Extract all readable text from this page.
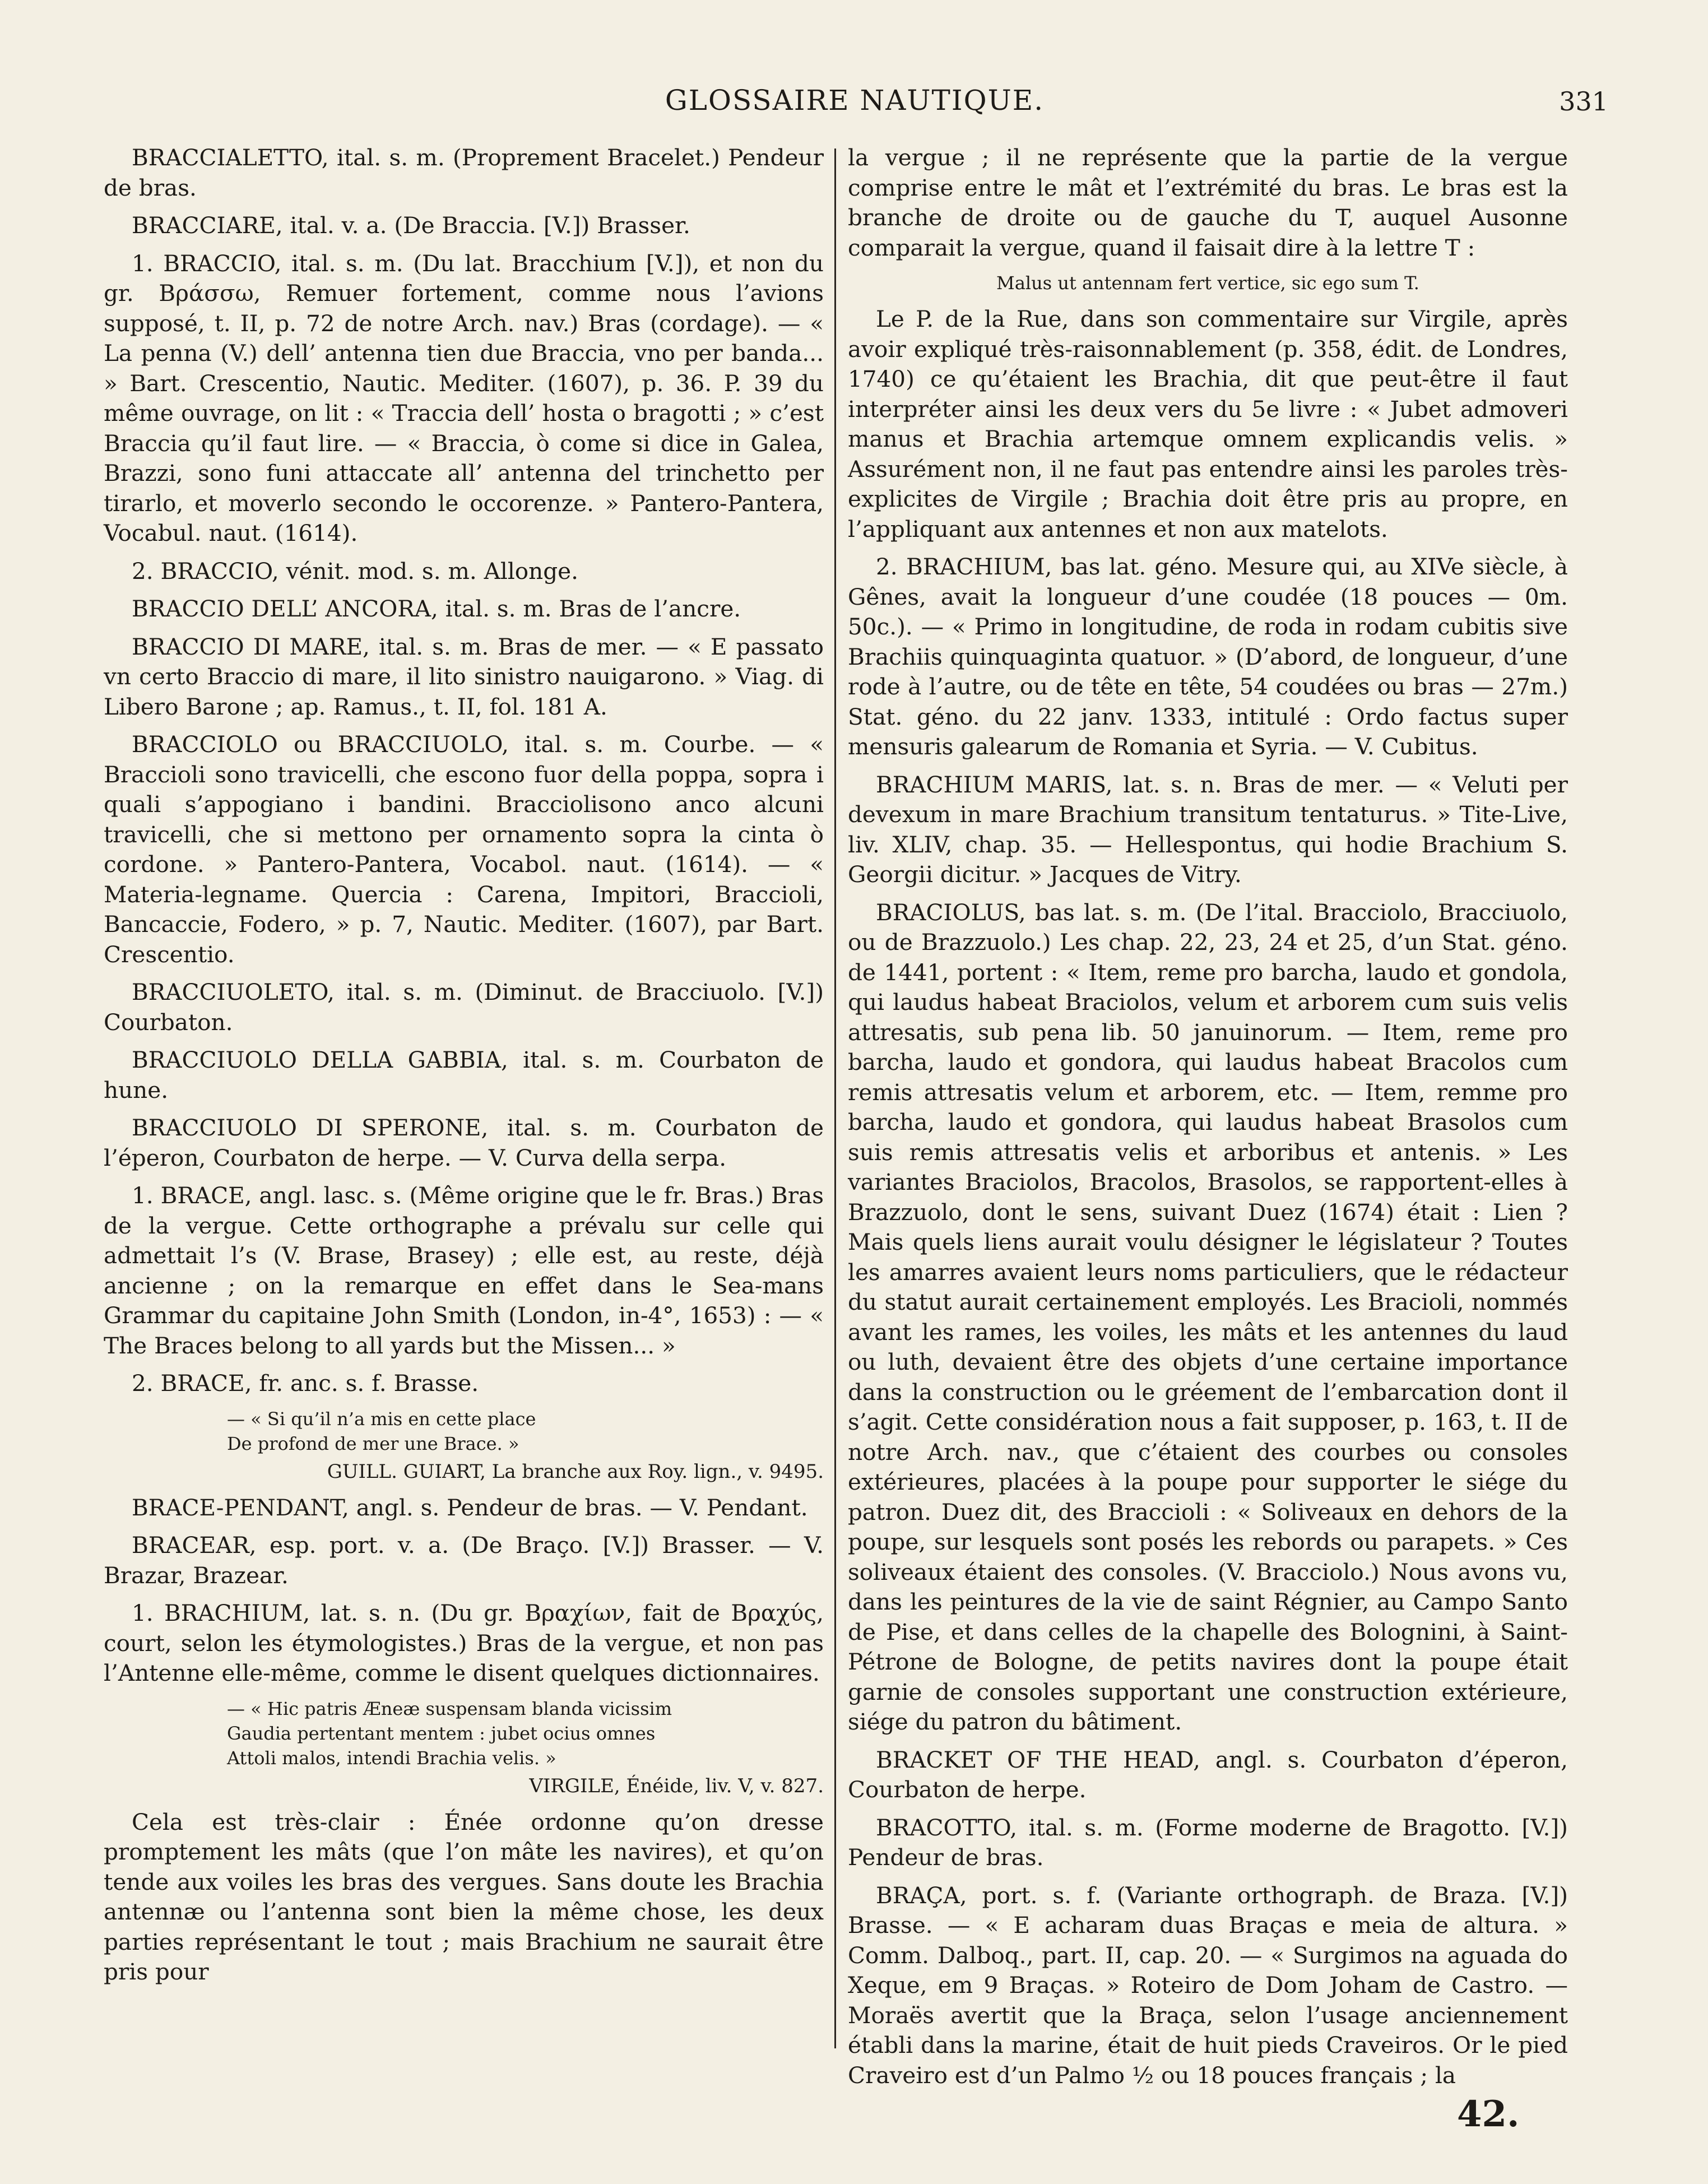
GLOSSAIRE NAUTIQUE.	331

BRACCIALETTO, ital. s. m. (Proprement Bracelet.) Pendeur de bras.

BRACCIARE, ital. v. a. (De Braccia. [V.]) Brasser.

1. BRACCIO, ital. s. m. (Du lat. Bracchium [V.]), et non du gr. Βράσσω, Remuer fortement, comme nous l’avions supposé, t. II, p. 72 de notre Arch. nav.) Bras (cordage). — « La penna (V.) dell’ antenna tien due Braccia, vno per banda... » Bart. Crescentio, Nautic. Mediter. (1607), p. 36. P. 39 du même ouvrage, on lit : « Traccia dell’ hosta o bragotti ; » c’est Braccia qu’il faut lire. — « Braccia, ò come si dice in Galea, Brazzi, sono funi attaccate all’ antenna del trinchetto per tirarlo, et moverlo secondo le occorenze. » Pantero-Pantera, Vocabul. naut. (1614).

2. BRACCIO, vénit. mod. s. m. Allonge.

BRACCIO DELL’ ANCORA, ital. s. m. Bras de l’ancre.

BRACCIO DI MARE, ital. s. m. Bras de mer. — « E passato vn certo Braccio di mare, il lito sinistro nauigarono. » Viag. di Libero Barone ; ap. Ramus., t. II, fol. 181 A.

BRACCIOLO ou BRACCIUOLO, ital. s. m. Courbe. — « Braccioli sono travicelli, che escono fuor della poppa, sopra i quali s’appogiano i bandini. Bracciolisono anco alcuni travicelli, che si mettono per ornamento sopra la cinta ò cordone. » Pantero-Pantera, Vocabol. naut. (1614). — « Materia-legname. Quercia : Carena, Impitori, Braccioli, Bancaccie, Fodero, » p. 7, Nautic. Mediter. (1607), par Bart. Crescentio.

BRACCIUOLETO, ital. s. m. (Diminut. de Bracciuolo. [V.]) Courbaton.

BRACCIUOLO DELLA GABBIA, ital. s. m. Courbaton de hune.

BRACCIUOLO DI SPERONE, ital. s. m. Courbaton de l’éperon, Courbaton de herpe. — V. Curva della serpa.

1. BRACE, angl. lasc. s. (Même origine que le fr. Bras.) Bras de la vergue. Cette orthographe a prévalu sur celle qui admettait l’s (V. Brase, Brasey) ; elle est, au reste, déjà ancienne ; on la remarque en effet dans le Sea-mans Grammar du capitaine John Smith (London, in-4°, 1653) : — « The Braces belong to all yards but the Missen... »

2. BRACE, fr. anc. s. f. Brasse.

— « Si qu’il n’a mis en cette place
De profond de mer une Brace. »
GUILL. GUIART, La branche aux Roy. lign., v. 9495.

BRACE-PENDANT, angl. s. Pendeur de bras. — V. Pendant.

BRACEAR, esp. port. v. a. (De Braço. [V.]) Brasser. — V. Brazar, Brazear.

1. BRACHIUM, lat. s. n. (Du gr. Βραχίων, fait de Βραχύς, court, selon les étymologistes.) Bras de la vergue, et non pas l’Antenne elle-même, comme le disent quelques dictionnaires.

— « Hic patris Æneæ suspensam blanda vicissim
Gaudia pertentant mentem : jubet ocius omnes
Attoli malos, intendi Brachia velis. »
VIRGILE, Énéide, liv. V, v. 827.

Cela est très-clair : Énée ordonne qu’on dresse promptement les mâts (que l’on mâte les navires), et qu’on tende aux voiles les bras des vergues. Sans doute les Brachia antennæ ou l’antenna sont bien la même chose, les deux parties représentant le tout ; mais Brachium ne saurait être pris pour

la vergue ; il ne représente que la partie de la vergue comprise entre le mât et l’extrémité du bras. Le bras est la branche de droite ou de gauche du T, auquel Ausonne comparait la vergue, quand il faisait dire à la lettre T :

Malus ut antennam fert vertice, sic ego sum T.

Le P. de la Rue, dans son commentaire sur Virgile, après avoir expliqué très-raisonnablement (p. 358, édit. de Londres, 1740) ce qu’étaient les Brachia, dit que peut-être il faut interpréter ainsi les deux vers du 5e livre : « Jubet admoveri manus et Brachia artemque omnem explicandis velis. » Assurément non, il ne faut pas entendre ainsi les paroles très-explicites de Virgile ; Brachia doit être pris au propre, en l’appliquant aux antennes et non aux matelots.

2. BRACHIUM, bas lat. géno. Mesure qui, au XIVe siècle, à Gênes, avait la longueur d’une coudée (18 pouces — 0m. 50c.). — « Primo in longitudine, de roda in rodam cubitis sive Brachiis quinquaginta quatuor. » (D’abord, de longueur, d’une rode à l’autre, ou de tête en tête, 54 coudées ou bras — 27m.) Stat. géno. du 22 janv. 1333, intitulé : Ordo factus super mensuris galearum de Romania et Syria. — V. Cubitus.

BRACHIUM MARIS, lat. s. n. Bras de mer. — « Veluti per devexum in mare Brachium transitum tentaturus. » Tite-Live, liv. XLIV, chap. 35. — Hellespontus, qui hodie Brachium S. Georgii dicitur. » Jacques de Vitry.

BRACIOLUS, bas lat. s. m. (De l’ital. Bracciolo, Bracciuolo, ou de Brazzuolo.) Les chap. 22, 23, 24 et 25, d’un Stat. géno. de 1441, portent : « Item, reme pro barcha, laudo et gondola, qui laudus habeat Braciolos, velum et arborem cum suis velis attresatis, sub pena lib. 50 januinorum. — Item, reme pro barcha, laudo et gondora, qui laudus habeat Bracolos cum remis attresatis velum et arborem, etc. — Item, remme pro barcha, laudo et gondora, qui laudus habeat Brasolos cum suis remis attresatis velis et arboribus et antenis. » Les variantes Braciolos, Bracolos, Brasolos, se rapportent-elles à Brazzuolo, dont le sens, suivant Duez (1674) était : Lien ? Mais quels liens aurait voulu désigner le législateur ? Toutes les amarres avaient leurs noms particuliers, que le rédacteur du statut aurait certainement employés. Les Bracioli, nommés avant les rames, les voiles, les mâts et les antennes du laud ou luth, devaient être des objets d’une certaine importance dans la construction ou le gréement de l’embarcation dont il s’agit. Cette considération nous a fait supposer, p. 163, t. II de notre Arch. nav., que c’étaient des courbes ou consoles extérieures, placées à la poupe pour supporter le siége du patron. Duez dit, des Braccioli : « Soliveaux en dehors de la poupe, sur lesquels sont posés les rebords ou parapets. » Ces soliveaux étaient des consoles. (V. Bracciolo.) Nous avons vu, dans les peintures de la vie de saint Régnier, au Campo Santo de Pise, et dans celles de la chapelle des Bolognini, à Saint-Pétrone de Bologne, de petits navires dont la poupe était garnie de consoles supportant une construction extérieure, siége du patron du bâtiment.

BRACKET OF THE HEAD, angl. s. Courbaton d’éperon, Courbaton de herpe.

BRACOTTO, ital. s. m. (Forme moderne de Bragotto. [V.]) Pendeur de bras.

BRAÇA, port. s. f. (Variante orthograph. de Braza. [V.]) Brasse. — « E acharam duas Braças e meia de altura. » Comm. Dalboq., part. II, cap. 20. — « Surgimos na aguada do Xeque, em 9 Braças. » Roteiro de Dom Joham de Castro. — Moraës avertit que la Braça, selon l’usage anciennement établi dans la marine, était de huit pieds Craveiros. Or le pied Craveiro est d’un Palmo ½ ou 18 pouces français ; la

42.
